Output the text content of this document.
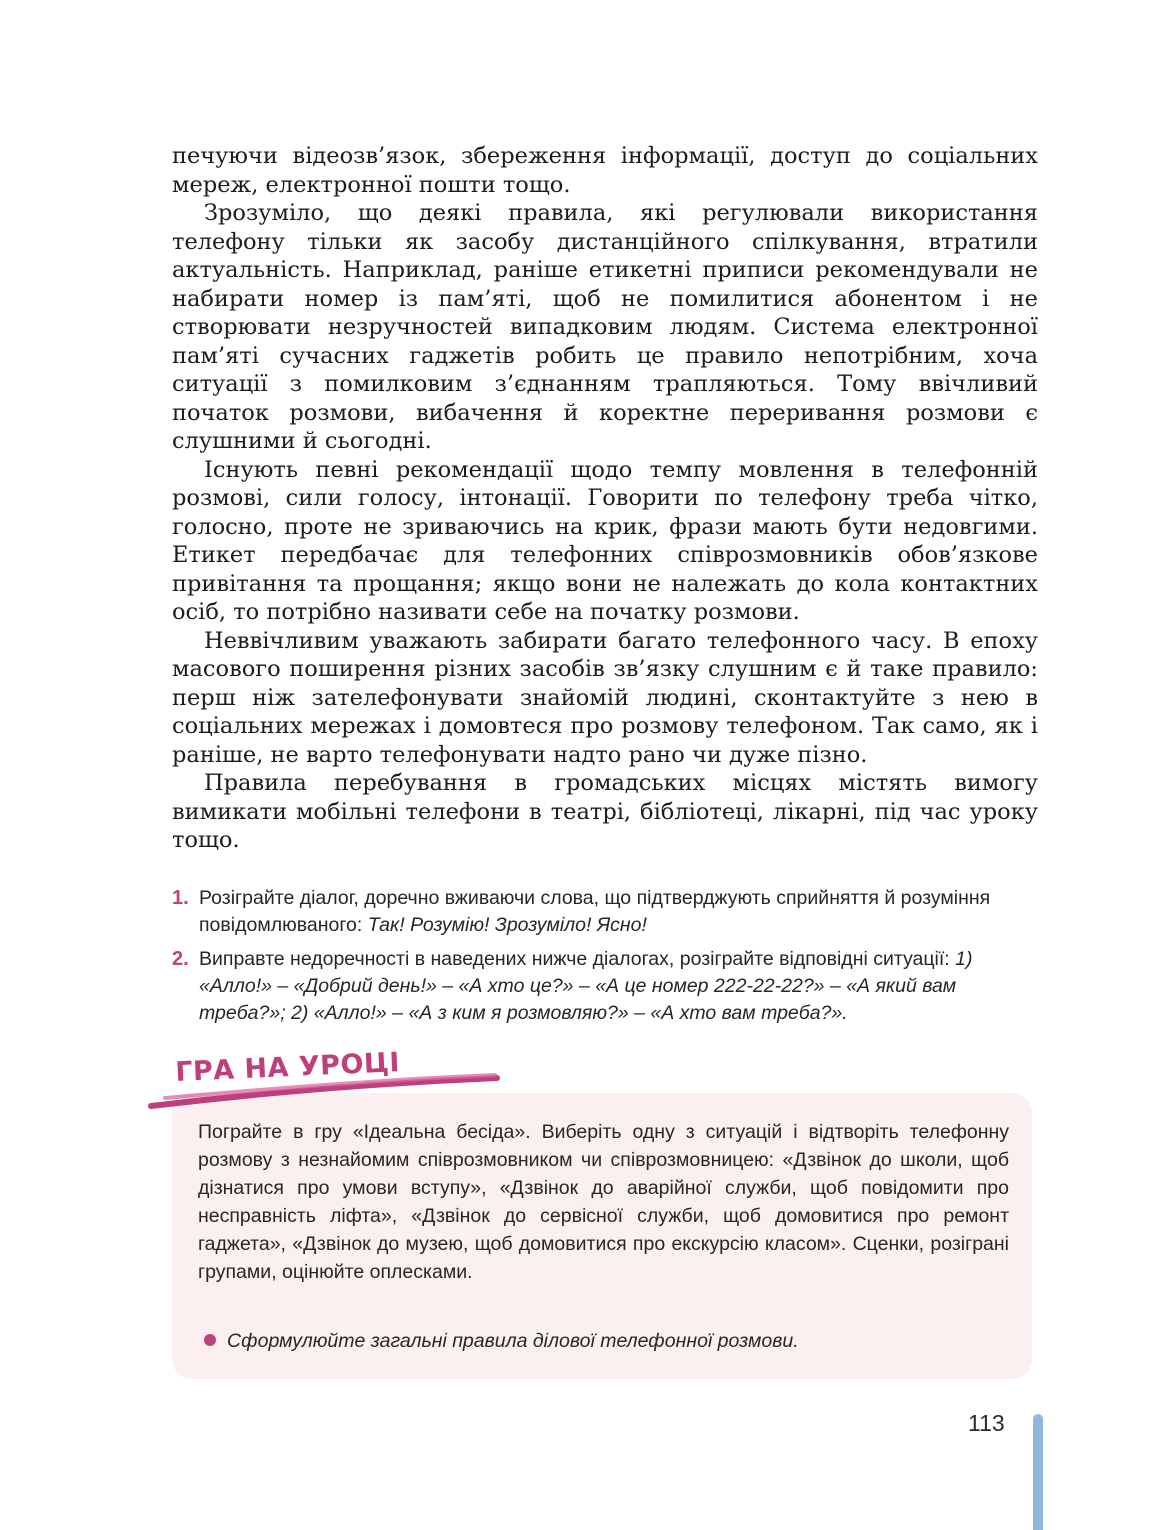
печуючи відеозв’язок, збереження інформації, доступ до соціальних мереж, електронної пошти тощо.

Зрозуміло, що деякі правила, які регулювали використання телефону тільки як засобу дистанційного спілкування, втратили актуальність. Наприклад, раніше етикетні приписи рекомендували не набирати номер із пам’яті, щоб не помилитися абонентом і не створювати незручностей випадковим людям. Система електронної пам’яті сучасних гаджетів робить це правило непотрібним, хоча ситуації з помилковим з’єднанням трапляються. Тому ввічливий початок розмови, вибачення й коректне переривання розмови є слушними й сьогодні.

Існують певні рекомендації щодо темпу мовлення в телефонній розмові, сили голосу, інтонації. Говорити по телефону треба чітко, голосно, проте не зриваючись на крик, фрази мають бути недовгими. Етикет передбачає для телефонних співрозмовників обов’язкове привітання та прощання; якщо вони не належать до кола контактних осіб, то потрібно називати себе на початку розмови.

Неввічливим уважають забирати багато телефонного часу. В епоху масового поширення різних засобів зв’язку слушним є й таке правило: перш ніж зателефонувати знайомій людині, сконтактуйте з нею в соціальних мережах і домовтеся про розмову телефоном. Так само, як і раніше, не варто телефонувати надто рано чи дуже пізно.

Правила перебування в громадських місцях містять вимогу вимикати мобільні телефони в театрі, бібліотеці, лікарні, під час уроку тощо.

1. Розіграйте діалог, доречно вживаючи слова, що підтверджують сприйняття й розуміння повідомлюваного: Так! Розумію! Зрозуміло! Ясно!
2. Виправте недоречності в наведених нижче діалогах, розіграйте відповідні ситуації: 1) «Алло!» – «Добрий день!» – «А хто це?» – «А це номер 222-22-22?» – «А який вам треба?»; 2) «Алло!» – «А з ким я розмовляю?» – «А хто вам треба?».
ГРА НА УРОЦІ

Пограйте в гру «Ідеальна бесіда». Виберіть одну з ситуацій і відтворіть телефонну розмову з незнайомим співрозмовником чи співрозмовницею: «Дзвінок до школи, щоб дізнатися про умови вступу», «Дзвінок до аварійної служби, щоб повідомити про несправність ліфта», «Дзвінок до сервісної служби, щоб домовитися про ремонт гаджета», «Дзвінок до музею, щоб домовитися про екскурсію класом». Сценки, розіграні групами, оцінюйте оплесками.

Сформулюйте загальні правила ділової телефонної розмови.
113
